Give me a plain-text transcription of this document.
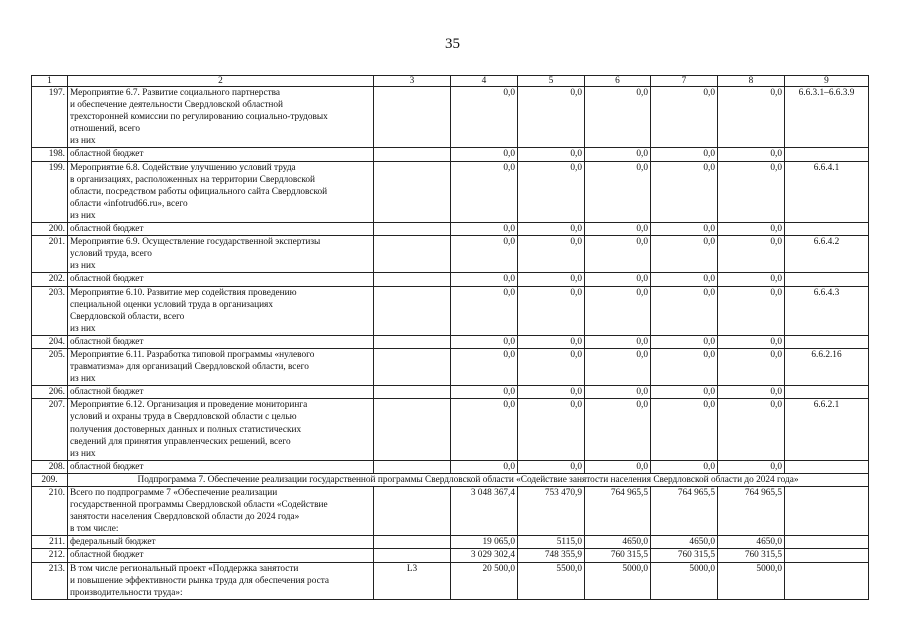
35
1	2	3	4	5	6	7	8	9
197.	Мероприятие 6.7. Развитие социального партнерства
и обеспечение деятельности Свердловской областной
трехсторонней комиссии по регулированию социально-трудовых
отношений, всего
из них		0,0	0,0	0,0	0,0	0,0	6.6.3.1–6.6.3.9
198.	областной бюджет		0,0	0,0	0,0	0,0	0,0	
199.	Мероприятие 6.8. Содействие улучшению условий труда
в организациях, расположенных на территории Свердловской
области, посредством работы официального сайта Свердловской
области «infotrud66.ru», всего
из них		0,0	0,0	0,0	0,0	0,0	6.6.4.1
200.	областной бюджет		0,0	0,0	0,0	0,0	0,0	
201.	Мероприятие 6.9. Осуществление государственной экспертизы
условий труда, всего
из них		0,0	0,0	0,0	0,0	0,0	6.6.4.2
202.	областной бюджет		0,0	0,0	0,0	0,0	0,0	
203.	Мероприятие 6.10. Развитие мер содействия проведению
специальной оценки условий труда в организациях
Свердловской области, всего
из них		0,0	0,0	0,0	0,0	0,0	6.6.4.3
204.	областной бюджет		0,0	0,0	0,0	0,0	0,0	
205.	Мероприятие 6.11. Разработка типовой программы «нулевого
травматизма» для организаций Свердловской области, всего
из них		0,0	0,0	0,0	0,0	0,0	6.6.2.16
206.	областной бюджет		0,0	0,0	0,0	0,0	0,0	
207.	Мероприятие 6.12. Организация и проведение мониторинга
условий и охраны труда в Свердловской области с целью
получения достоверных данных и полных статистических
сведений для принятия управленческих решений, всего
из них		0,0	0,0	0,0	0,0	0,0	6.6.2.1
208.	областной бюджет		0,0	0,0	0,0	0,0	0,0	
209.	Подпрограмма 7. Обеспечение реализации государственной программы Свердловской области «Содействие занятости населения Свердловской области до 2024 года»							
210.	Всего по подпрограмме 7 «Обеспечение реализации
государственной программы Свердловской области «Содействие
занятости населения Свердловской области до 2024 года»
в том числе:		3 048 367,4	753 470,9	764 965,5	764 965,5	764 965,5	
211.	федеральный бюджет		19 065,0	5115,0	4650,0	4650,0	4650,0	
212.	областной бюджет		3 029 302,4	748 355,9	760 315,5	760 315,5	760 315,5	
213.	В том числе региональный проект «Поддержка занятости
и повышение эффективности рынка труда для обеспечения роста
производительности труда»:	L3	20 500,0	5500,0	5000,0	5000,0	5000,0	
